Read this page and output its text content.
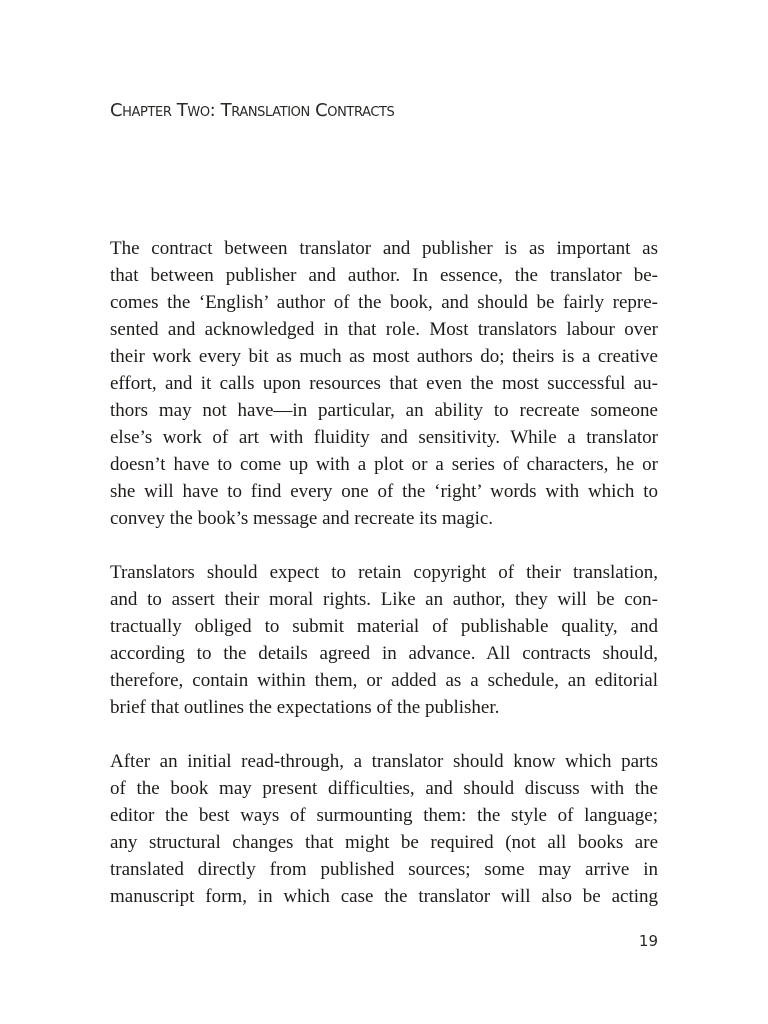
Chapter Two: Translation Contracts

The contract between translator and publisher is as important as
that between publisher and author. In essence, the translator be-
comes the ‘English’ author of the book, and should be fairly repre-
sented and acknowledged in that role. Most translators labour over
their work every bit as much as most authors do; theirs is a creative
effort, and it calls upon resources that even the most successful au-
thors may not have—in particular, an ability to recreate someone
else’s work of art with fluidity and sensitivity. While a translator
doesn’t have to come up with a plot or a series of characters, he or
she will have to find every one of the ‘right’ words with which to
convey the book’s message and recreate its magic.

Translators should expect to retain copyright of their translation,
and to assert their moral rights. Like an author, they will be con-
tractually obliged to submit material of publishable quality, and
according to the details agreed in advance. All contracts should,
therefore, contain within them, or added as a schedule, an editorial
brief that outlines the expectations of the publisher.

After an initial read-through, a translator should know which parts
of the book may present difficulties, and should discuss with the
editor the best ways of surmounting them: the style of language;
any structural changes that might be required (not all books are
translated directly from published sources; some may arrive in
manuscript form, in which case the translator will also be acting

19
